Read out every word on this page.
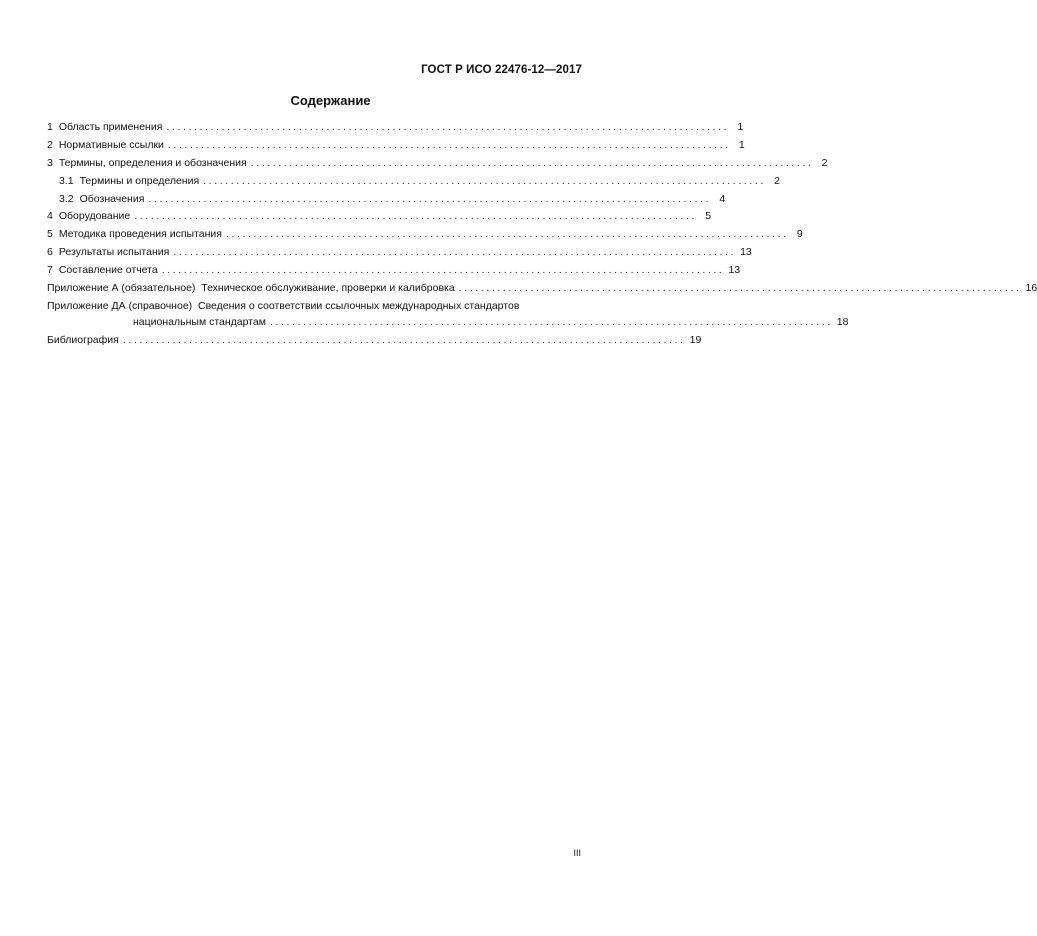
ГОСТ Р ИСО 22476-12—2017
Содержание
1 Область применения ...................................................................................................... 1
2 Нормативные ссылки ...................................................................................................... 1
3 Термины, определения и обозначения ...................................................................................................... 2
3.1 Термины и определения ...................................................................................................... 2
3.2 Обозначения ...................................................................................................... 4
4 Оборудование ...................................................................................................... 5
5 Методика проведения испытания ...................................................................................................... 9
6 Результаты испытания ...................................................................................................... 13
7 Составление отчета ...................................................................................................... 13
Приложение А (обязательное)  Техническое обслуживание, проверки и калибровка ...................................................................................................... 16
Приложение ДА (справочное)  Сведения о соответствии ссылочных международных стандартов
национальным стандартам ...................................................................................................... 18
Библиография ...................................................................................................... 19
III
